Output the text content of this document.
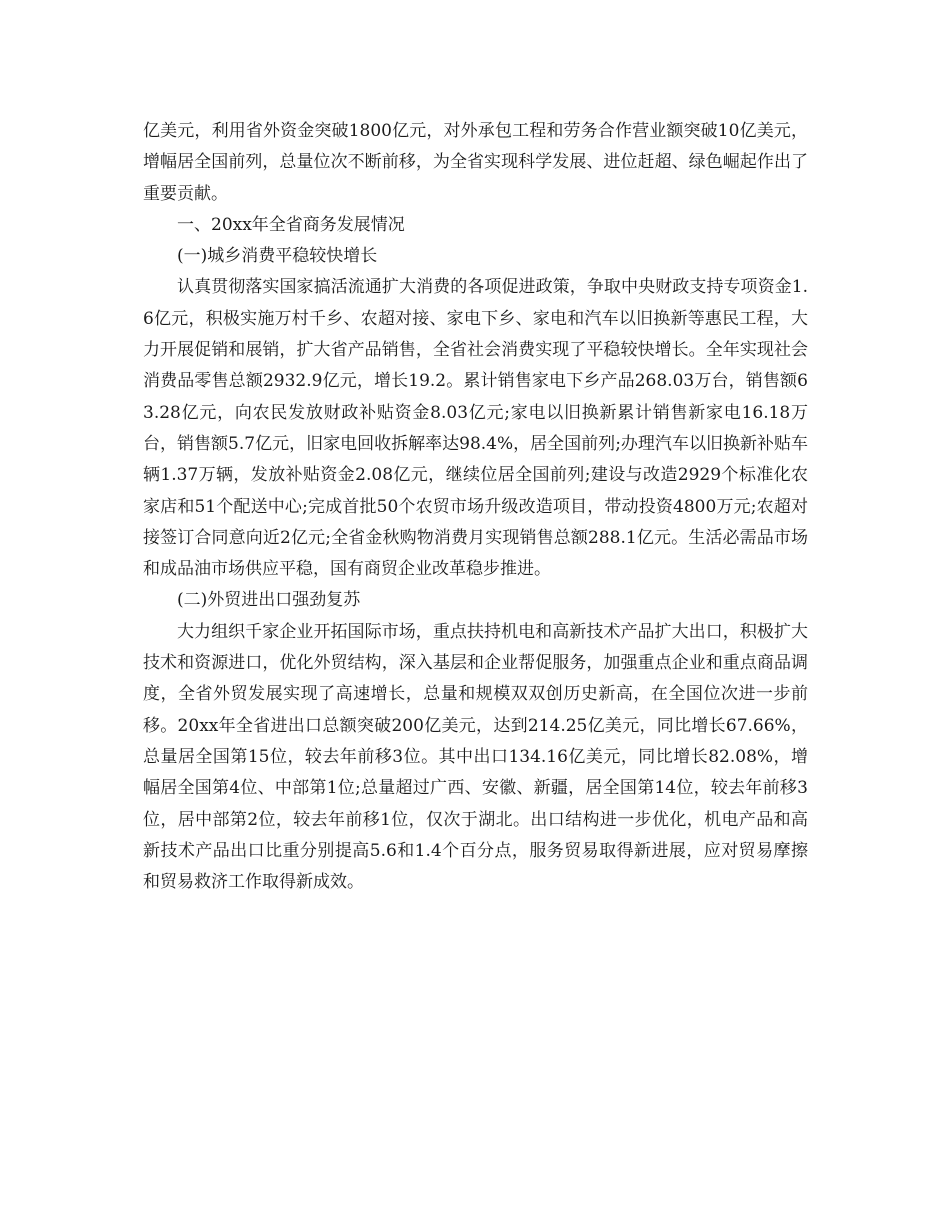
亿美元，利用省外资金突破1800亿元，对外承包工程和劳务合作营业额突破10亿美元，增幅居全国前列，总量位次不断前移，为全省实现科学发展、进位赶超、绿色崛起作出了重要贡献。

一、20xx年全省商务发展情况

(一)城乡消费平稳较快增长

认真贯彻落实国家搞活流通扩大消费的各项促进政策，争取中央财政支持专项资金1.6亿元，积极实施万村千乡、农超对接、家电下乡、家电和汽车以旧换新等惠民工程，大力开展促销和展销，扩大省产品销售，全省社会消费实现了平稳较快增长。全年实现社会消费品零售总额2932.9亿元，增长19.2。累计销售家电下乡产品268.03万台，销售额63.28亿元，向农民发放财政补贴资金8.03亿元;家电以旧换新累计销售新家电16.18万台，销售额5.7亿元，旧家电回收拆解率达98.4%，居全国前列;办理汽车以旧换新补贴车辆1.37万辆，发放补贴资金2.08亿元，继续位居全国前列;建设与改造2929个标准化农家店和51个配送中心;完成首批50个农贸市场升级改造项目，带动投资4800万元;农超对接签订合同意向近2亿元;全省金秋购物消费月实现销售总额288.1亿元。生活必需品市场和成品油市场供应平稳，国有商贸企业改革稳步推进。

(二)外贸进出口强劲复苏

大力组织千家企业开拓国际市场，重点扶持机电和高新技术产品扩大出口，积极扩大技术和资源进口，优化外贸结构，深入基层和企业帮促服务，加强重点企业和重点商品调度，全省外贸发展实现了高速增长，总量和规模双双创历史新高，在全国位次进一步前移。20xx年全省进出口总额突破200亿美元，达到214.25亿美元，同比增长67.66%，总量居全国第15位，较去年前移3位。其中出口134.16亿美元，同比增长82.08%，增幅居全国第4位、中部第1位;总量超过广西、安徽、新疆，居全国第14位，较去年前移3位，居中部第2位，较去年前移1位，仅次于湖北。出口结构进一步优化，机电产品和高新技术产品出口比重分别提高5.6和1.4个百分点，服务贸易取得新进展，应对贸易摩擦和贸易救济工作取得新成效。
